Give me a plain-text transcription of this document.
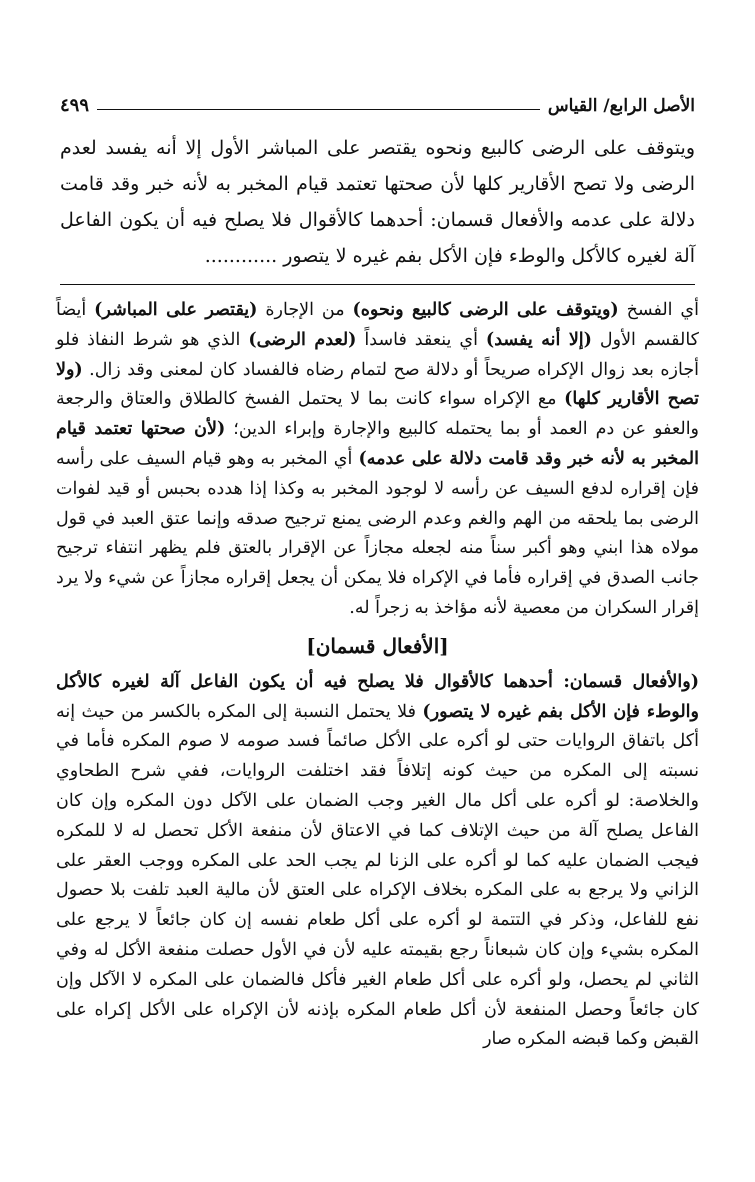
الأصل الرابع/ القياس
٤٩٩
ويتوقف على الرضى كالبيع ونحوه يقتصر على المباشر الأول إلا أنه يفسد لعدم الرضى ولا تصح الأقارير كلها لأن صحتها تعتمد قيام المخبر به لأنه خبر وقد قامت دلالة على عدمه والأفعال قسمان: أحدهما كالأقوال فلا يصلح فيه أن يكون الفاعل آلة لغيره كالأكل والوطء فإن الأكل بفم غيره لا يتصور ............
أي الفسخ (ويتوقف على الرضى كالبيع ونحوه) من الإجارة (يقتصر على المباشر) أيضاً كالقسم الأول (إلا أنه يفسد) أي ينعقد فاسداً (لعدم الرضى) الذي هو شرط النفاذ فلو أجازه بعد زوال الإكراه صريحاً أو دلالة صح لتمام رضاه فالفساد كان لمعنى وقد زال. (ولا تصح الأقارير كلها) مع الإكراه سواء كانت بما لا يحتمل الفسخ كالطلاق والعتاق والرجعة والعفو عن دم العمد أو بما يحتمله كالبيع والإجارة وإبراء الدين؛ (لأن صحتها تعتمد قيام المخبر به لأنه خبر وقد قامت دلالة على عدمه) أي المخبر به وهو قيام السيف على رأسه فإن إقراره لدفع السيف عن رأسه لا لوجود المخبر به وكذا إذا هدده بحبس أو قيد لفوات الرضى بما يلحقه من الهم والغم وعدم الرضى يمنع ترجيح صدقه وإنما عتق العبد في قول مولاه هذا ابني وهو أكبر سناً منه لجعله مجازاً عن الإقرار بالعتق فلم يظهر انتفاء ترجيح جانب الصدق في إقراره فأما في الإكراه فلا يمكن أن يجعل إقراره مجازاً عن شيء ولا يرد إقرار السكران من معصية لأنه مؤاخذ به زجراً له.
[الأفعال قسمان]
(والأفعال قسمان: أحدهما كالأقوال فلا يصلح فيه أن يكون الفاعل آلة لغيره كالأكل والوطء فإن الأكل بفم غيره لا يتصور) فلا يحتمل النسبة إلى المكره بالكسر من حيث إنه أكل باتفاق الروايات حتى لو أكره على الأكل صائماً فسد صومه لا صوم المكره فأما في نسبته إلى المكره من حيث كونه إتلافاً فقد اختلفت الروايات، ففي شرح الطحاوي والخلاصة: لو أكره على أكل مال الغير وجب الضمان على الآكل دون المكره وإن كان الفاعل يصلح آلة من حيث الإتلاف كما في الاعتاق لأن منفعة الأكل تحصل له لا للمكره فيجب الضمان عليه كما لو أكره على الزنا لم يجب الحد على المكره ووجب العقر على الزاني ولا يرجع به على المكره بخلاف الإكراه على العتق لأن مالية العبد تلفت بلا حصول نفع للفاعل، وذكر في التتمة لو أكره على أكل طعام نفسه إن كان جائعاً لا يرجع على المكره بشيء وإن كان شبعاناً رجع بقيمته عليه لأن في الأول حصلت منفعة الأكل له وفي الثاني لم يحصل، ولو أكره على أكل طعام الغير فأكل فالضمان على المكره لا الآكل وإن كان جائعاً وحصل المنفعة لأن أكل طعام المكره بإذنه لأن الإكراه على الأكل إكراه على القبض وكما قبضه المكره صار
